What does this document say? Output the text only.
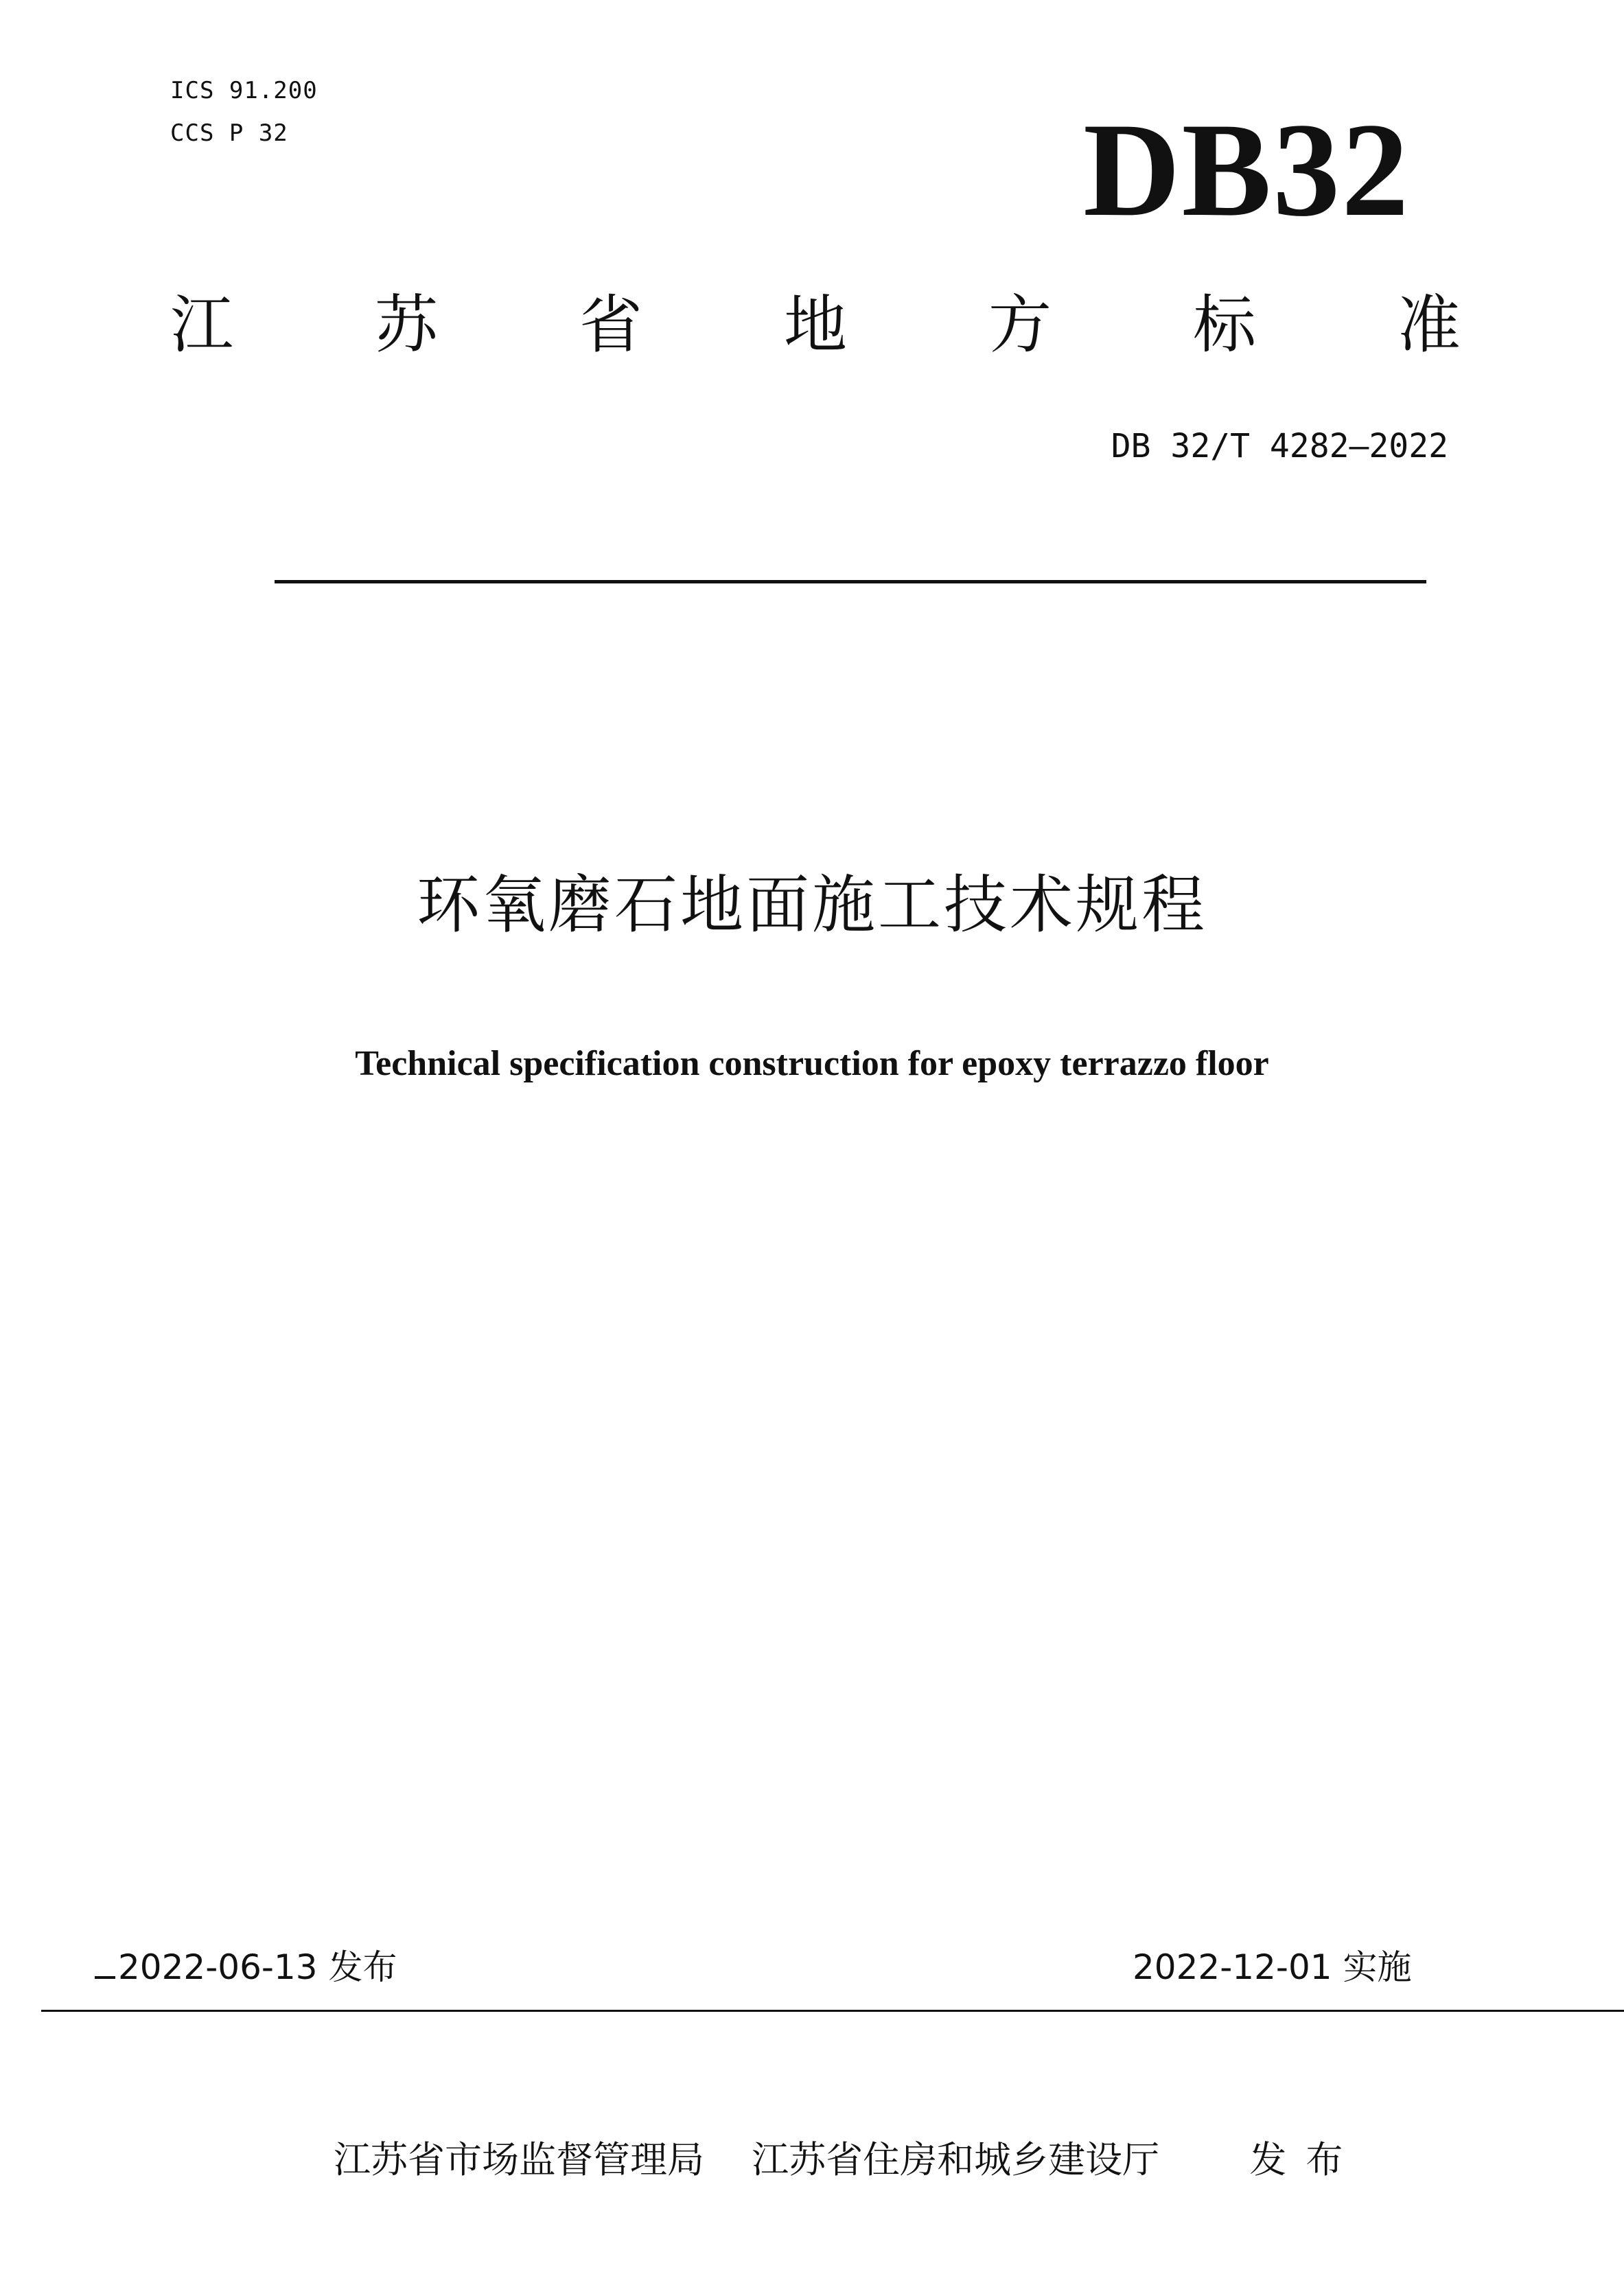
ICS 91.200
CCS P 32	DB32
江 苏 省 地 方 标 准
DB 32/T 4282—2022
环氧磨石地面施工技术规程
Technical specification construction for epoxy terrazzo floor
2022-06-13 发布	2022-12-01 实施
江苏省市场监督管理局 江苏省住房和城乡建设厅 发布
